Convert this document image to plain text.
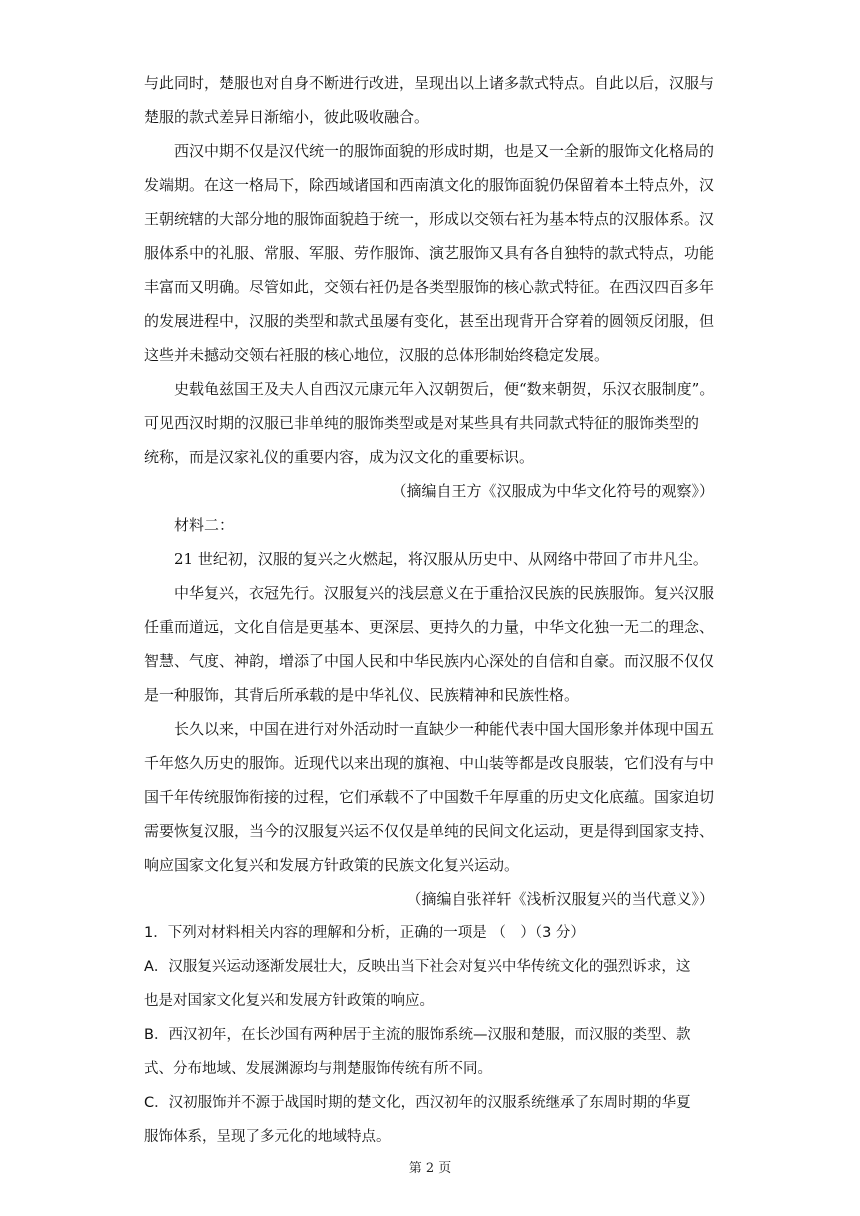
与此同时，楚服也对自身不断进行改进，呈现出以上诸多款式特点。自此以后，汉服与
楚服的款式差异日渐缩小，彼此吸收融合。
西汉中期不仅是汉代统一的服饰面貌的形成时期，也是又一全新的服饰文化格局的
发端期。在这一格局下，除西域诸国和西南滇文化的服饰面貌仍保留着本土特点外，汉
王朝统辖的大部分地的服饰面貌趋于统一，形成以交领右衽为基本特点的汉服体系。汉
服体系中的礼服、常服、军服、劳作服饰、演艺服饰又具有各自独特的款式特点，功能
丰富而又明确。尽管如此，交领右衽仍是各类型服饰的核心款式特征。在西汉四百多年
的发展进程中，汉服的类型和款式虽屡有变化，甚至出现背开合穿着的圆领反闭服，但
这些并未撼动交领右衽服的核心地位，汉服的总体形制始终稳定发展。
史载龟兹国王及夫人自西汉元康元年入汉朝贺后，便“数来朝贺，乐汉衣服制度”。
可见西汉时期的汉服已非单纯的服饰类型或是对某些具有共同款式特征的服饰类型的
统称，而是汉家礼仪的重要内容，成为汉文化的重要标识。
（摘编自王方《汉服成为中华文化符号的观察》）
材料二：
21 世纪初，汉服的复兴之火燃起，将汉服从历史中、从网络中带回了市井凡尘。
中华复兴，衣冠先行。汉服复兴的浅层意义在于重拾汉民族的民族服饰。复兴汉服
任重而道远，文化自信是更基本、更深层、更持久的力量，中华文化独一无二的理念、
智慧、气度、神韵，增添了中国人民和中华民族内心深处的自信和自豪。而汉服不仅仅
是一种服饰，其背后所承载的是中华礼仪、民族精神和民族性格。
长久以来，中国在进行对外活动时一直缺少一种能代表中国大国形象并体现中国五
千年悠久历史的服饰。近现代以来出现的旗袍、中山装等都是改良服装，它们没有与中
国千年传统服饰衔接的过程，它们承载不了中国数千年厚重的历史文化底蕴。国家迫切
需要恢复汉服，当今的汉服复兴运不仅仅是单纯的民间文化运动，更是得到国家支持、
响应国家文化复兴和发展方针政策的民族文化复兴运动。
（摘编自张祥轩《浅析汉服复兴的当代意义》）
1．下列对材料相关内容的理解和分析，正确的一项是 （　）（3 分）
A．汉服复兴运动逐渐发展壮大，反映出当下社会对复兴中华传统文化的强烈诉求，这
也是对国家文化复兴和发展方针政策的响应。
B．西汉初年，在长沙国有两种居于主流的服饰系统—汉服和楚服，而汉服的类型、款
式、分布地域、发展渊源均与荆楚服饰传统有所不同。
C．汉初服饰并不源于战国时期的楚文化，西汉初年的汉服系统继承了东周时期的华夏
服饰体系，呈现了多元化的地域特点。
第 2 页
